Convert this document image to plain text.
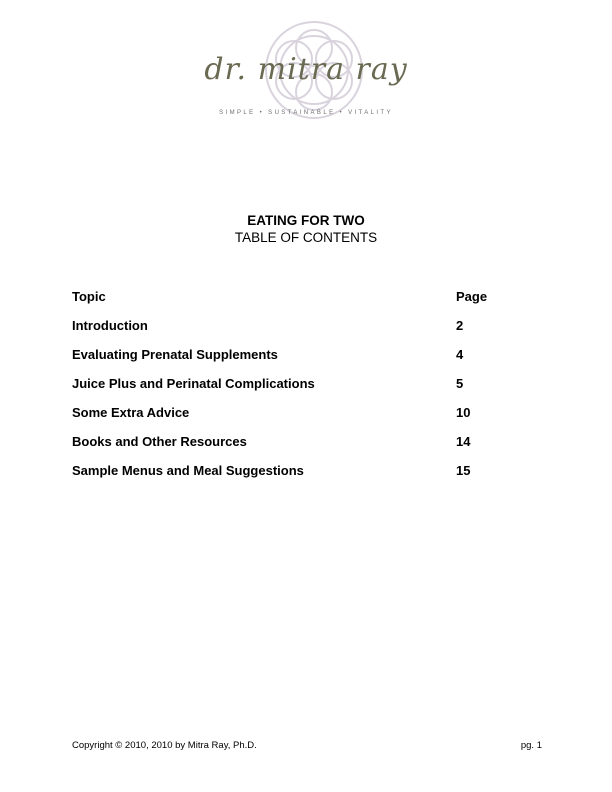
dr. mitra ray
SIMPLE • SUSTAINABLE • VITALITY
EATING FOR TWO
TABLE OF CONTENTS
Topic	Page
Introduction	2
Evaluating Prenatal Supplements	4
Juice Plus and Perinatal Complications	5
Some Extra Advice	10
Books and Other Resources	14
Sample Menus and Meal Suggestions	15
Copyright © 2010, 2010 by Mitra Ray, Ph.D.	pg. 1
